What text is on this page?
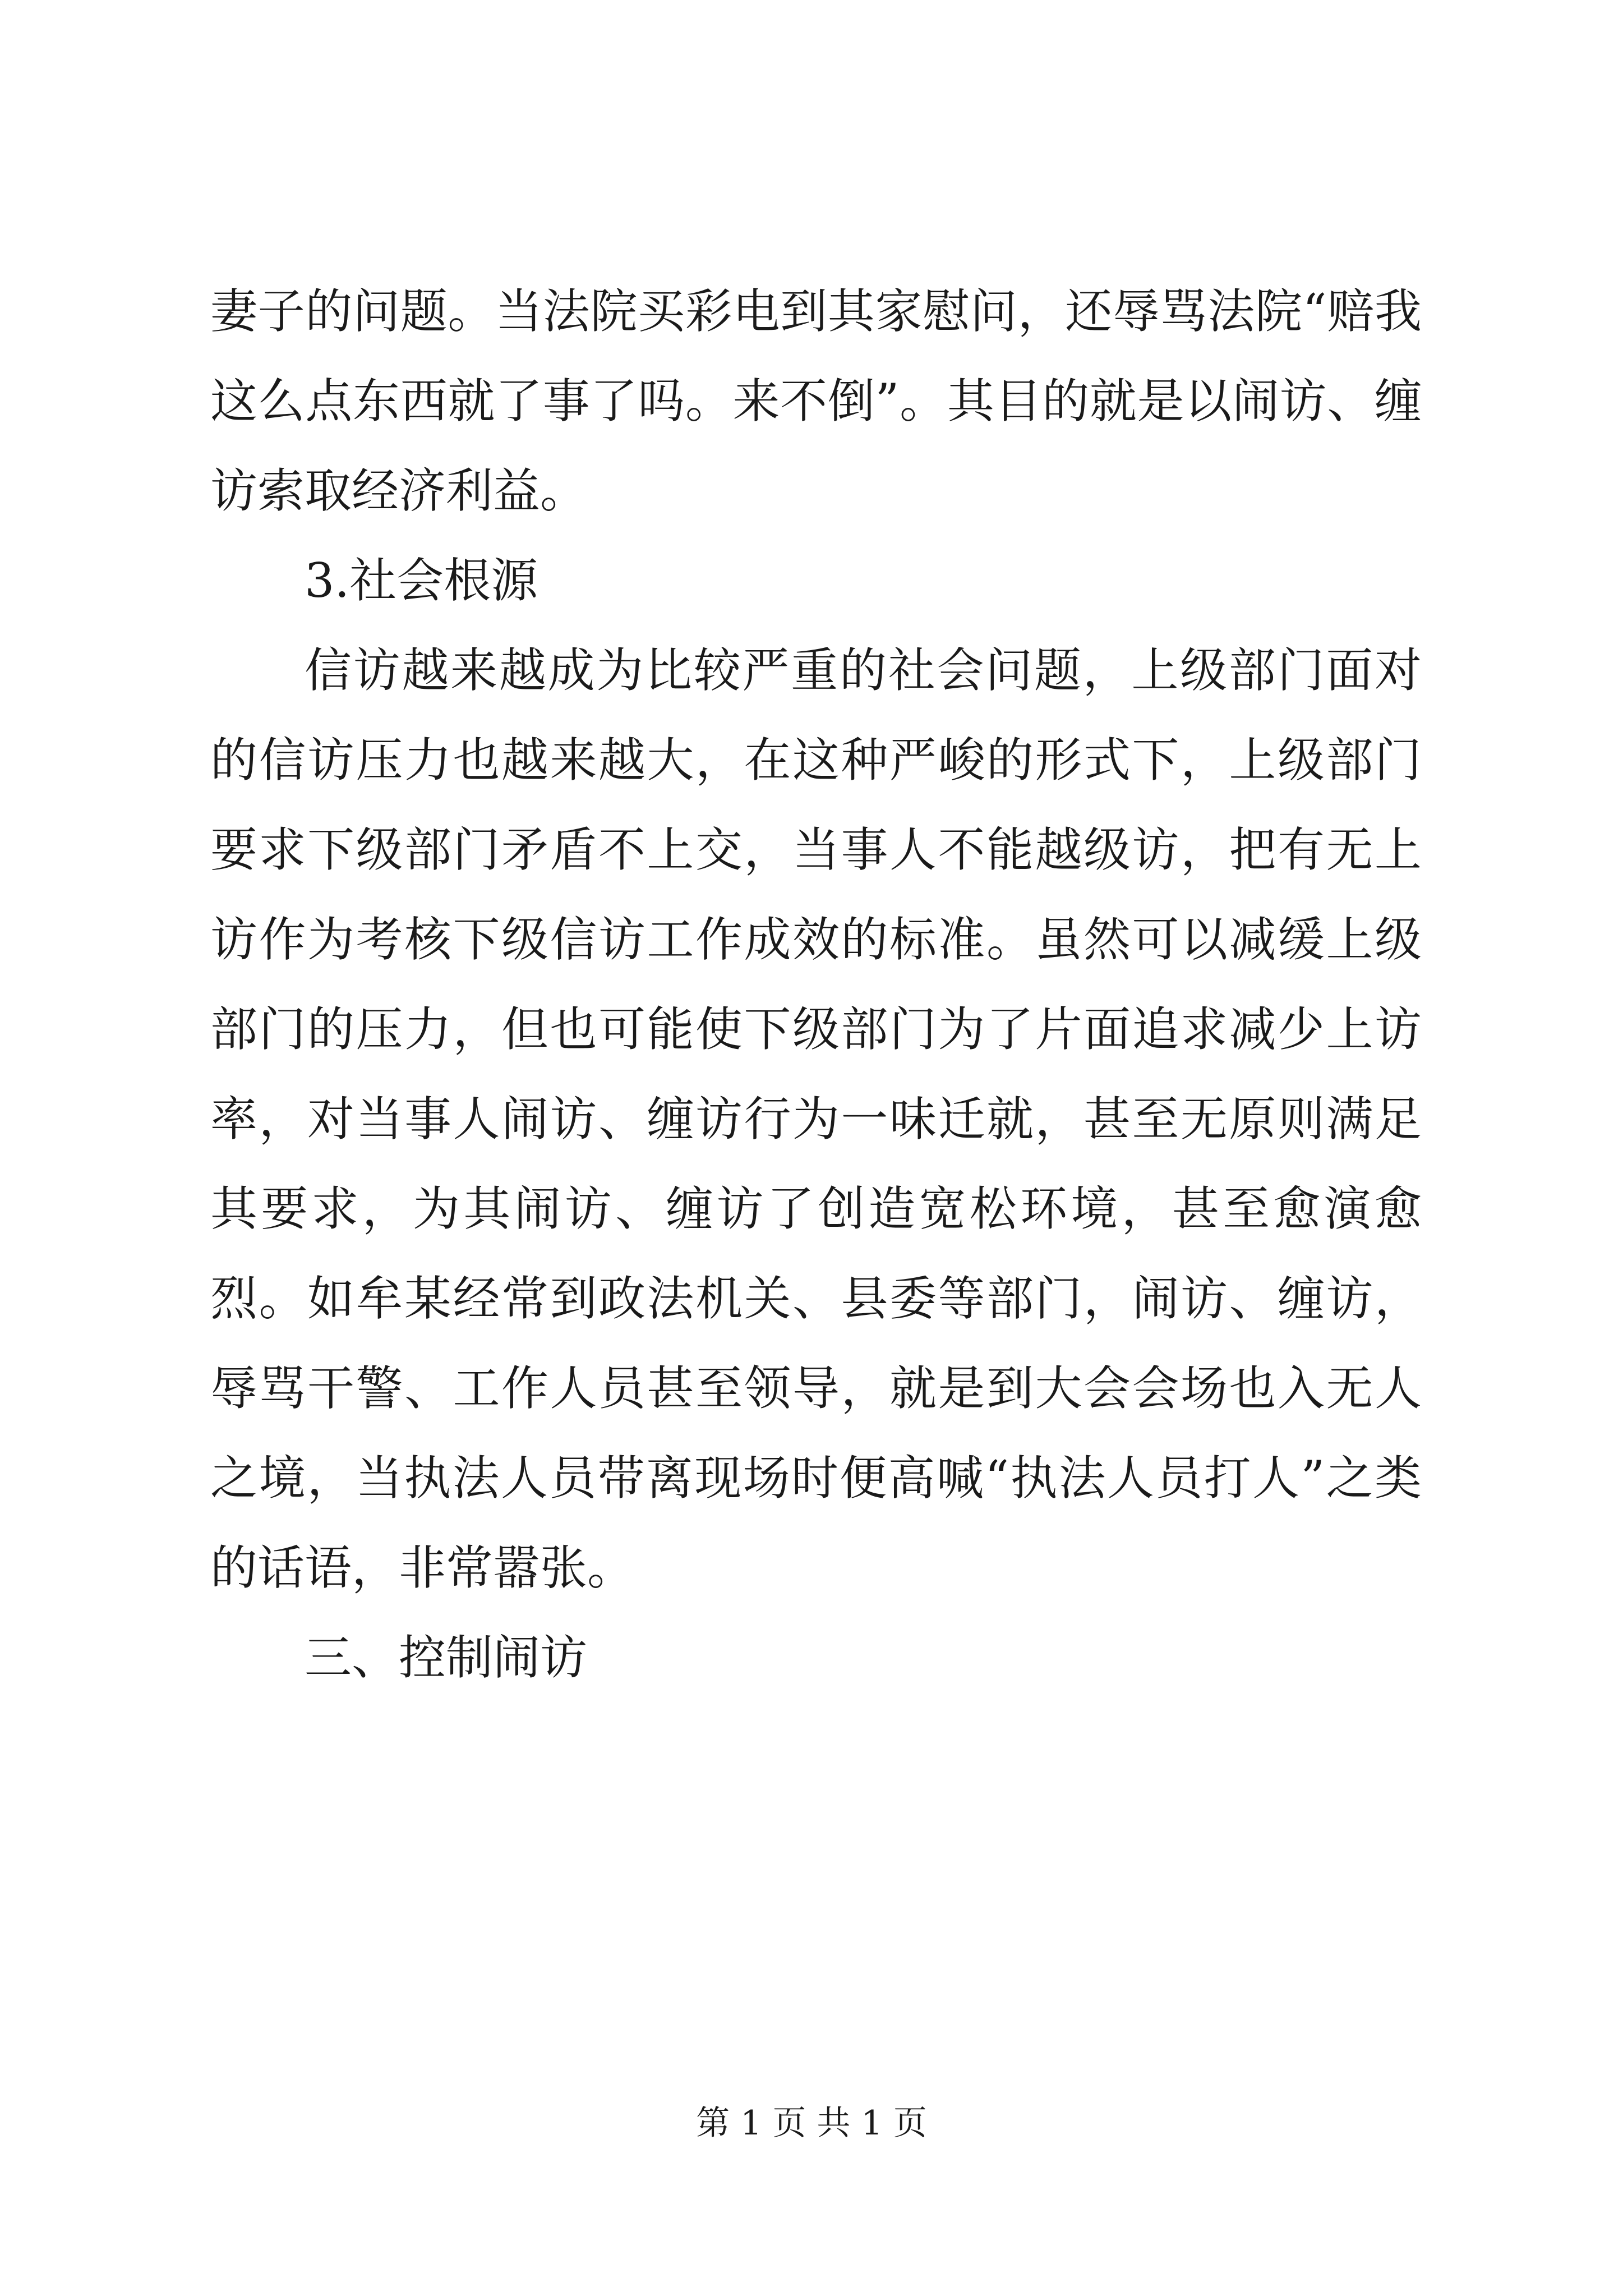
妻子的问题。当法院买彩电到其家慰问，还辱骂法院“赔我这么点东西就了事了吗。来不倒”。其目的就是以闹访、缠访索取经济利益。

3.社会根源

信访越来越成为比较严重的社会问题，上级部门面对的信访压力也越来越大，在这种严峻的形式下，上级部门要求下级部门矛盾不上交，当事人不能越级访，把有无上访作为考核下级信访工作成效的标准。虽然可以减缓上级部门的压力，但也可能使下级部门为了片面追求减少上访率，对当事人闹访、缠访行为一味迁就，甚至无原则满足其要求，为其闹访、缠访了创造宽松环境，甚至愈演愈烈。如牟某经常到政法机关、县委等部门，闹访、缠访，辱骂干警、工作人员甚至领导，就是到大会会场也入无人之境，当执法人员带离现场时便高喊“执法人员打人”之类的话语，非常嚣张。

三、控制闹访

第 1 页 共 1 页
